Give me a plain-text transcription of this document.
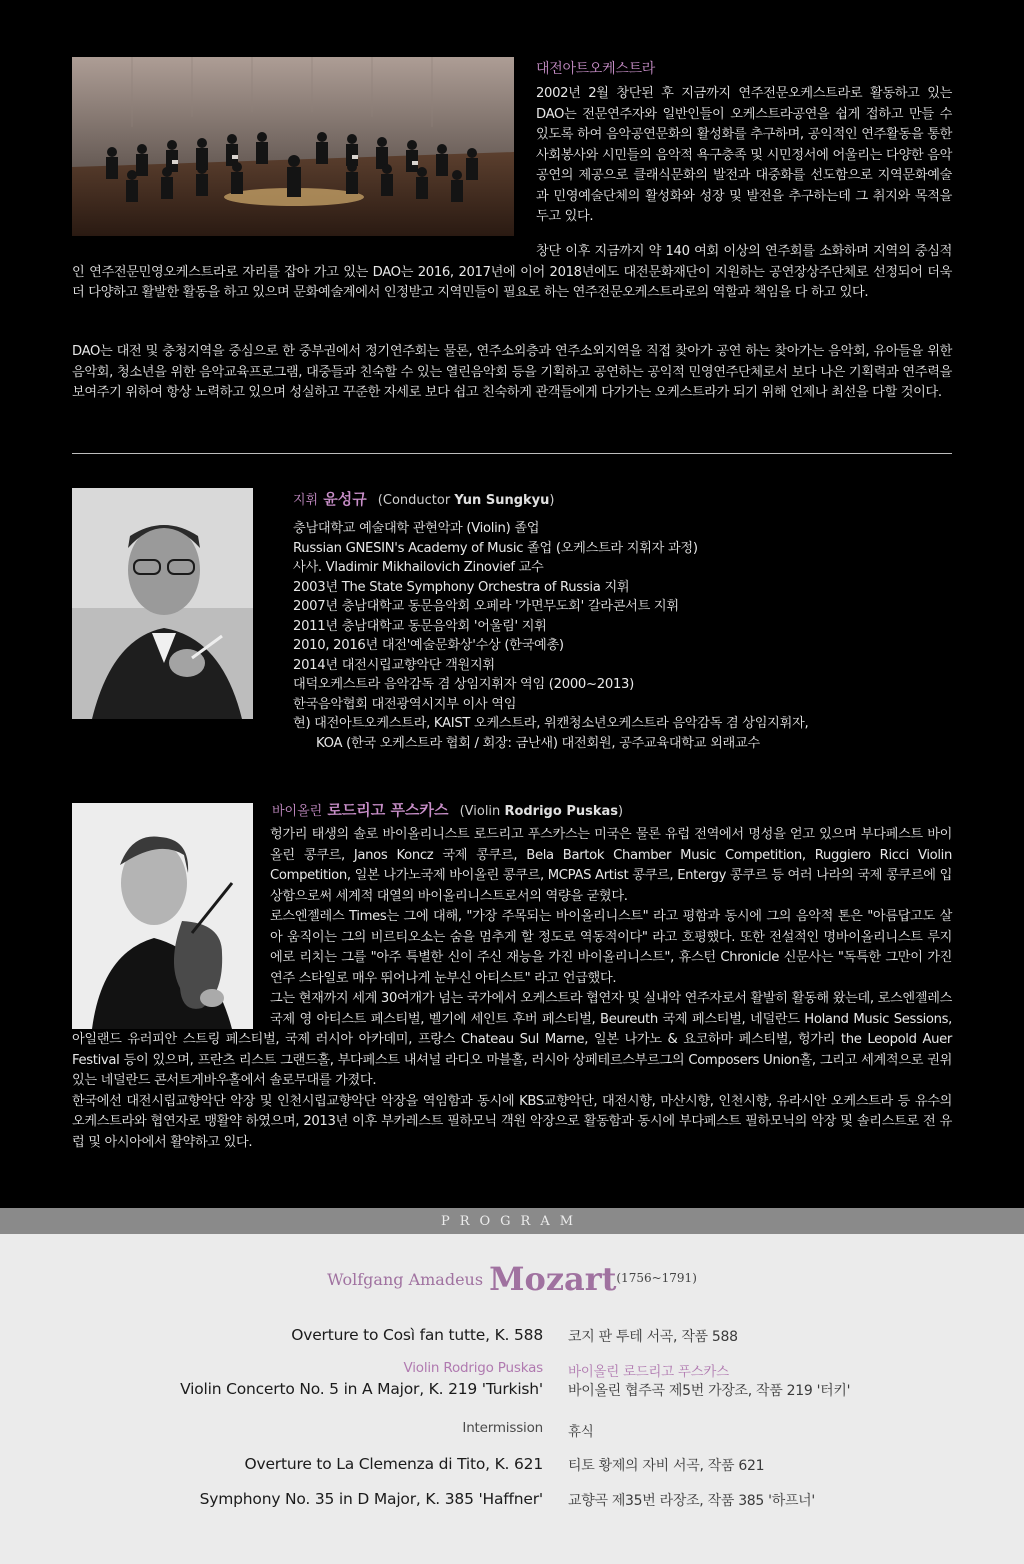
대전아트오케스트라

2002년 2월 창단된 후 지금까지 연주전문오케스트라로 활동하고 있는 DAO는 전문연주자와 일반인들이 오케스트라공연을 쉽게 접하고 만들 수 있도록 하여 음악공연문화의 활성화를 추구하며, 공익적인 연주활동을 통한 사회봉사와 시민들의 음악적 욕구충족 및 시민정서에 어울리는 다양한 음악공연의 제공으로 클래식문화의 발전과 대중화를 선도함으로 지역문화예술과 민영예술단체의 활성화와 성장 및 발전을 추구하는데 그 취지와 목적을 두고 있다.

창단 이후 지금까지 약 140 여회 이상의 연주회를 소화하며 지역의 중심적인 연주전문민영오케스트라로 자리를 잡아 가고 있는 DAO는 2016, 2017년에 이어 2018년에도 대전문화재단이 지원하는 공연장상주단체로 선정되어 더욱 더 다양하고 활발한 활동을 하고 있으며 문화예술계에서 인정받고 지역민들이 필요로 하는 연주전문오케스트라로의 역할과 책임을 다 하고 있다.

DAO는 대전 및 충청지역을 중심으로 한 중부권에서 정기연주회는 물론, 연주소외층과 연주소외지역을 직접 찾아가 공연 하는 찾아가는 음악회, 유아들을 위한 음악회, 청소년을 위한 음악교육프로그램, 대중들과 친숙할 수 있는 열린음악회 등을 기획하고 공연하는 공익적 민영연주단체로서 보다 나은 기획력과 연주력을 보여주기 위하여 항상 노력하고 있으며 성실하고 꾸준한 자세로 보다 쉽고 친숙하게 관객들에게 다가가는 오케스트라가 되기 위해 언제나 최선을 다할 것이다.

지휘 윤성규 (Conductor Yun Sungkyu)
충남대학교 예술대학 관현악과 (Violin) 졸업
Russian GNESIN's Academy of Music 졸업 (오케스트라 지휘자 과정)
사사. Vladimir Mikhailovich Zinovief 교수
2003년 The State Symphony Orchestra of Russia 지휘
2007년 충남대학교 동문음악회 오페라 '가면무도회' 갈라콘서트 지휘
2011년 충남대학교 동문음악회 '어울림' 지휘
2010, 2016년 대전'예술문화상'수상 (한국예총)
2014년 대전시립교향악단 객원지휘
대덕오케스트라 음악감독 겸 상임지휘자 역임 (2000~2013)
한국음악협회 대전광역시지부 이사 역임
현) 대전아트오케스트라, KAIST 오케스트라, 위캔청소년오케스트라 음악감독 겸 상임지휘자,
KOA (한국 오케스트라 협회 / 회장: 금난새) 대전회원, 공주교육대학교 외래교수
바이올린 로드리고 푸스카스 (Violin Rodrigo Puskas)

헝가리 태생의 솔로 바이올리니스트 로드리고 푸스카스는 미국은 물론 유럽 전역에서 명성을 얻고 있으며 부다페스트 바이올린 콩쿠르, Janos Koncz 국제 콩쿠르, Bela Bartok Chamber Music Competition, Ruggiero Ricci Violin Competition, 일본 나가노국제 바이올린 콩쿠르, MCPAS Artist 콩쿠르, Entergy 콩쿠르 등 여러 나라의 국제 콩쿠르에 입상함으로써 세계적 대열의 바이올리니스트로서의 역량을 굳혔다.

로스엔젤레스 Times는 그에 대해, "가장 주목되는 바이올리니스트" 라고 평함과 동시에 그의 음악적 톤은 "아름답고도 살아 움직이는 그의 비르티오소는 숨을 멈추게 할 정도로 역동적이다" 라고 호평했다. 또한 전설적인 명바이올리니스트 루지에로 리치는 그를 "아주 특별한 신이 주신 재능을 가진 바이올리니스트", 휴스턴 Chronicle 신문사는 "독특한 그만이 가진 연주 스타일로 매우 뛰어나게 눈부신 아티스트" 라고 언급했다.

그는 현재까지 세계 30여개가 넘는 국가에서 오케스트라 협연자 및 실내악 연주자로서 활발히 활동해 왔는데, 로스엔젤레스 국제 영 아티스트 페스티벌, 벨기에 세인트 후버 페스티벌, Beureuth 국제 페스티벌, 네덜란드 Holand Music Sessions, 아일랜드 유러피안 스트링 페스티벌, 국제 러시아 아카데미, 프랑스 Chateau Sul Marne, 일본 나가노 & 요코하마 페스티벌, 헝가리 the Leopold Auer Festival 등이 있으며, 프란츠 리스트 그랜드홀, 부다페스트 내셔널 라디오 마블홀, 러시아 상페테르스부르그의 Composers Union홀, 그리고 세계적으로 권위있는 네덜란드 콘서트게바우홀에서 솔로무대를 가졌다.

한국에선 대전시립교향악단 악장 및 인천시립교향악단 악장을 역임함과 동시에 KBS교향악단, 대전시향, 마산시향, 인천시향, 유라시안 오케스트라 등 유수의 오케스트라와 협연자로 맹활약 하였으며, 2013년 이후 부카레스트 필하모닉 객원 악장으로 활동함과 동시에 부다페스트 필하모닉의 악장 및 솔리스트로 전 유럽 및 아시아에서 활약하고 있다.

PROGRAM
Wolfgang Amadeus Mozart$^{(1756\sim 1791)}$
Overture to Così fan tutte, K. 588 코지 판 투테 서곡, 작품 588
Violin Rodrigo Puskas 바이올린 로드리고 푸스카스
Violin Concerto No. 5 in A Major, K. 219 'Turkish' 바이올린 협주곡 제5번 가장조, 작품 219 '터키'
Intermission 휴식
Overture to La Clemenza di Tito, K. 621 티토 황제의 자비 서곡, 작품 621
Symphony No. 35 in D Major, K. 385 'Haffner' 교향곡 제35번 라장조, 작품 385 '하프너'
